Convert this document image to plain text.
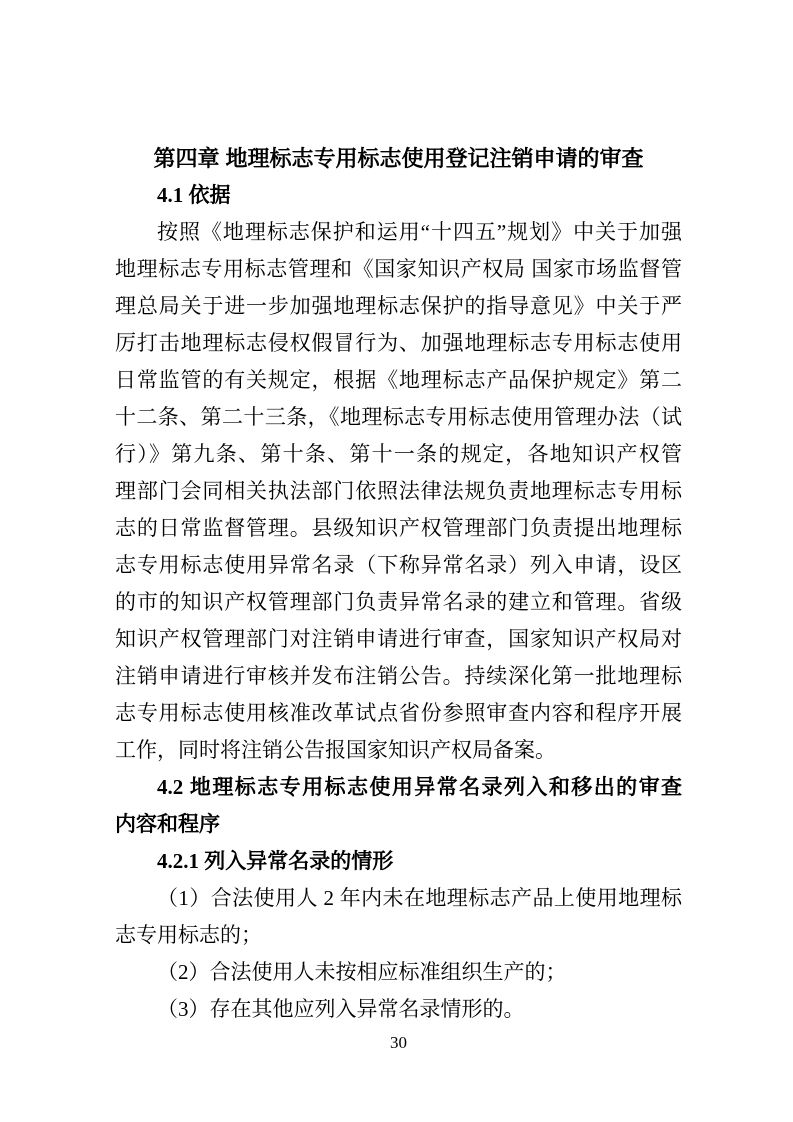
第四章 地理标志专用标志使用登记注销申请的审查
4.1 依据
按照《地理标志保护和运用“十四五”规划》中关于加强
地理标志专用标志管理和《国家知识产权局 国家市场监督管
理总局关于进一步加强地理标志保护的指导意见》中关于严
厉打击地理标志侵权假冒行为、加强地理标志专用标志使用
日常监管的有关规定，根据《地理标志产品保护规定》第二
十二条、第二十三条，《地理标志专用标志使用管理办法（试
行）》第九条、第十条、第十一条的规定，各地知识产权管
理部门会同相关执法部门依照法律法规负责地理标志专用标
志的日常监督管理。县级知识产权管理部门负责提出地理标
志专用标志使用异常名录（下称异常名录）列入申请，设区
的市的知识产权管理部门负责异常名录的建立和管理。省级
知识产权管理部门对注销申请进行审查，国家知识产权局对
注销申请进行审核并发布注销公告。持续深化第一批地理标
志专用标志使用核准改革试点省份参照审查内容和程序开展
工作，同时将注销公告报国家知识产权局备案。
4.2 地理标志专用标志使用异常名录列入和移出的审查
内容和程序
4.2.1 列入异常名录的情形
（1）合法使用人 2 年内未在地理标志产品上使用地理标
志专用标志的；
（2）合法使用人未按相应标准组织生产的；
（3）存在其他应列入异常名录情形的。
30
